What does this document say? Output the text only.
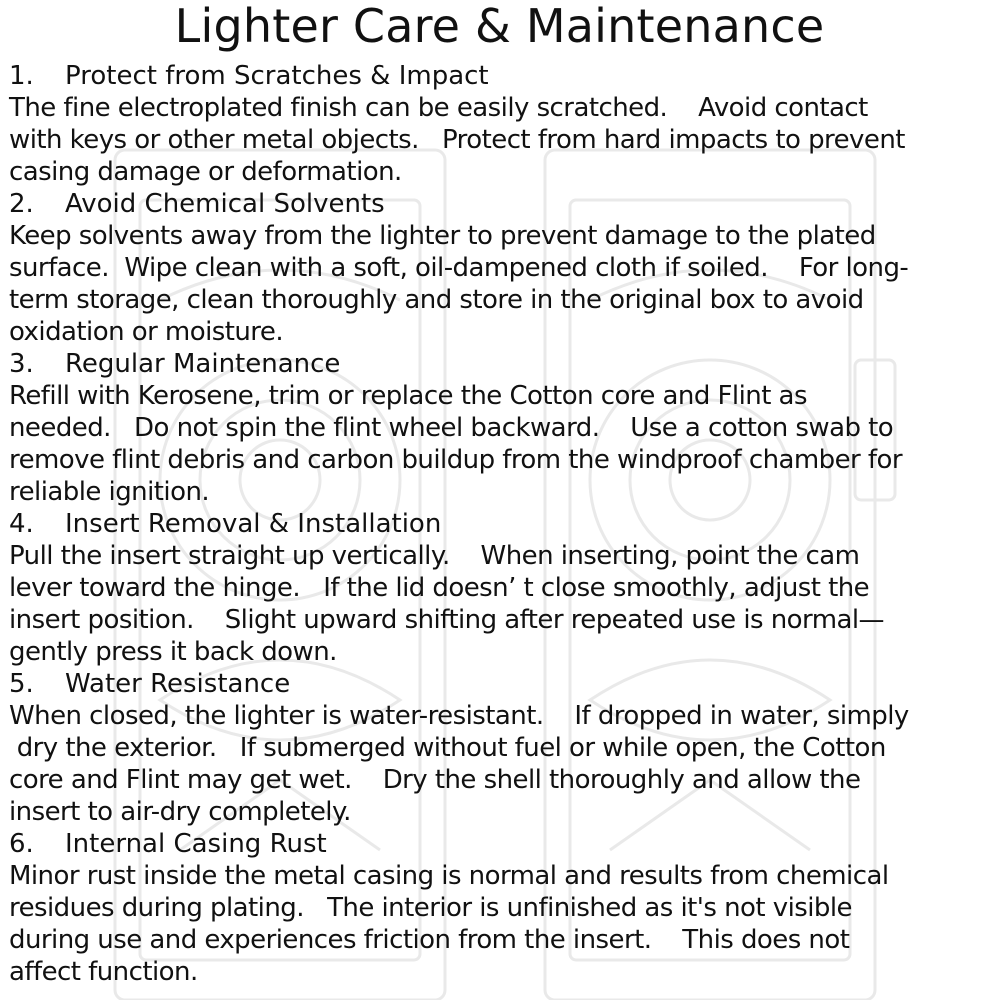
Lighter Care & Maintenance

1. Protect from Scratches & Impact

The fine electroplated finish can be easily scratched.    Avoid contact

with keys or other metal objects.   Protect from hard impacts to prevent

casing damage or deformation.

2. Avoid Chemical Solvents

Keep solvents away from the lighter to prevent damage to the plated

surface.  Wipe clean with a soft, oil-dampened cloth if soiled.    For long-

term storage, clean thoroughly and store in the original box to avoid

oxidation or moisture.

3. Regular Maintenance

Refill with Kerosene, trim or replace the Cotton core and Flint as

needed.   Do not spin the flint wheel backward.    Use a cotton swab to

remove flint debris and carbon buildup from the windproof chamber for

reliable ignition.

4. Insert Removal & Installation

Pull the insert straight up vertically.    When inserting, point the cam

lever toward the hinge.   If the lid doesn’ t close smoothly, adjust the

insert position.    Slight upward shifting after repeated use is normal—

gently press it back down.

5. Water Resistance

When closed, the lighter is water-resistant.    If dropped in water, simply

dry the exterior.   If submerged without fuel or while open, the Cotton

core and Flint may get wet.    Dry the shell thoroughly and allow the

insert to air-dry completely.

6. Internal Casing Rust

Minor rust inside the metal casing is normal and results from chemical

residues during plating.   The interior is unfinished as it's not visible

during use and experiences friction from the insert.    This does not

affect function.
